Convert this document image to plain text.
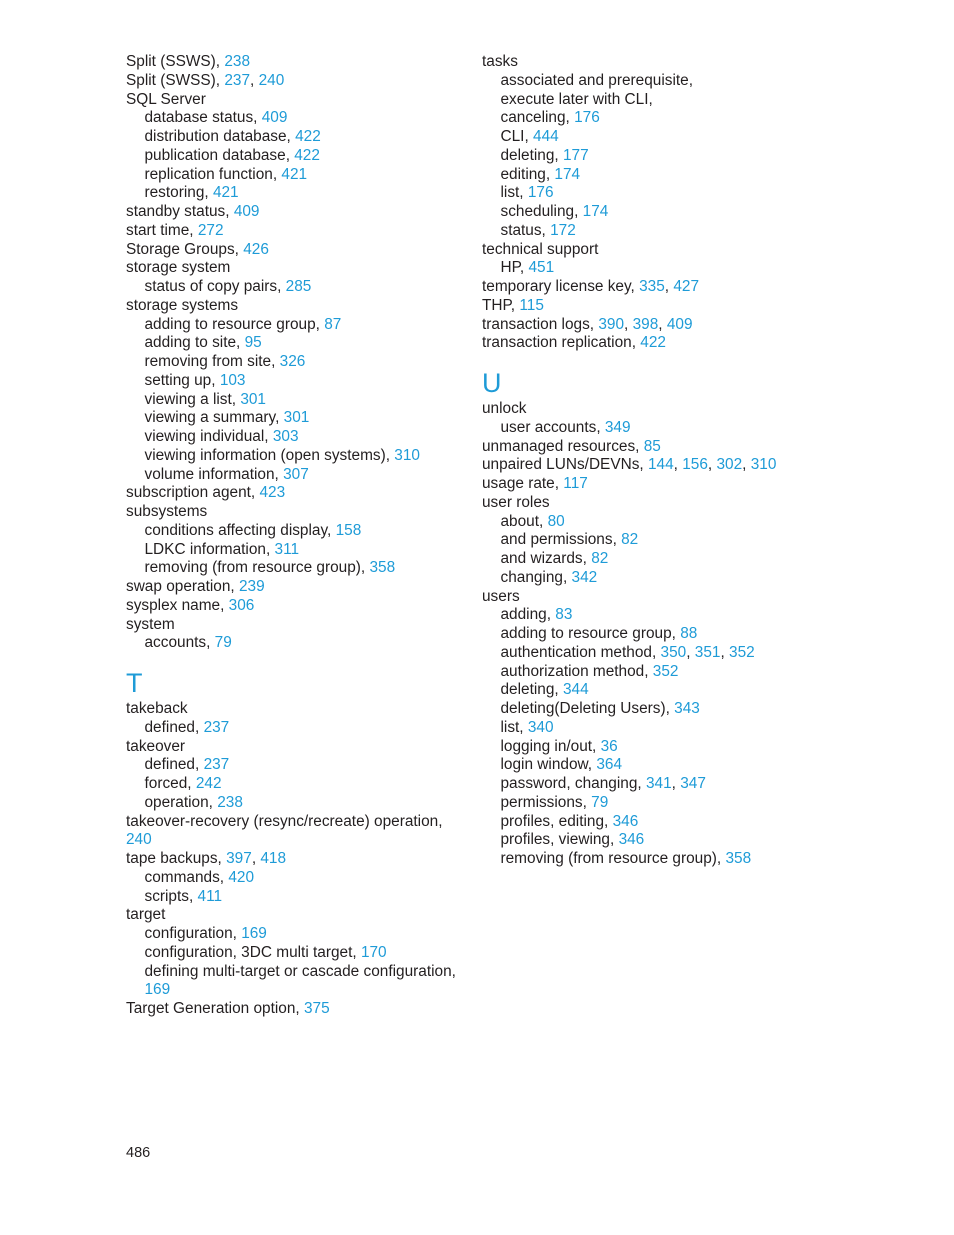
Split (SSWS), 238
Split (SWSS), 237, 240
SQL Server
database status, 409
distribution database, 422
publication database, 422
replication function, 421
restoring, 421
standby status, 409
start time, 272
Storage Groups, 426
storage system
status of copy pairs, 285
storage systems
adding to resource group, 87
adding to site, 95
removing from site, 326
setting up, 103
viewing a list, 301
viewing a summary, 301
viewing individual, 303
viewing information (open systems), 310
volume information, 307
subscription agent, 423
subsystems
conditions affecting display, 158
LDKC information, 311
removing (from resource group), 358
swap operation, 239
sysplex name, 306
system
accounts, 79
T
takeback
defined, 237
takeover
defined, 237
forced, 242
operation, 238
takeover-recovery (resync/recreate) operation, 240
tape backups, 397, 418
commands, 420
scripts, 411
target
configuration, 169
configuration, 3DC multi target, 170
defining multi-target or cascade configuration, 169
Target Generation option, 375
tasks
associated and prerequisite,
execute later with CLI,
canceling, 176
CLI, 444
deleting, 177
editing, 174
list, 176
scheduling, 174
status, 172
technical support
HP, 451
temporary license key, 335, 427
THP, 115
transaction logs, 390, 398, 409
transaction replication, 422
U
unlock
user accounts, 349
unmanaged resources, 85
unpaired LUNs/DEVNs, 144, 156, 302, 310
usage rate, 117
user roles
about, 80
and permissions, 82
and wizards, 82
changing, 342
users
adding, 83
adding to resource group, 88
authentication method, 350, 351, 352
authorization method, 352
deleting, 344
deleting(Deleting Users), 343
list, 340
logging in/out, 36
login window, 364
password, changing, 341, 347
permissions, 79
profiles, editing, 346
profiles, viewing, 346
removing (from resource group), 358
486
